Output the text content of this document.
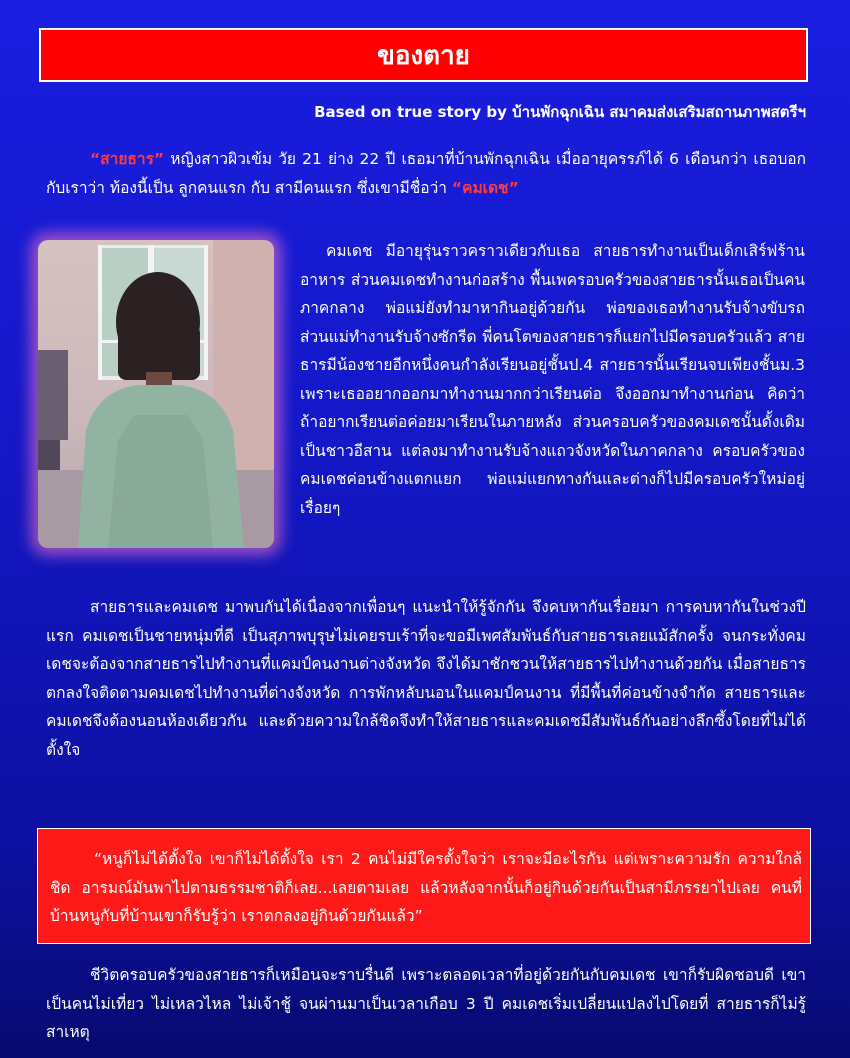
ของตาย
Based on true story by บ้านพักฉุกเฉิน สมาคมส่งเสริมสถานภาพสตรีฯ

“สายธาร” หญิงสาวผิวเข้ม วัย 21 ย่าง 22 ปี เธอมาที่บ้านพักฉุกเฉิน เมื่ออายุครรภ์ได้ 6 เดือนกว่า เธอบอกกับเราว่า ท้องนี้เป็น ลูกคนแรก กับ สามีคนแรก ซึ่งเขามีชื่อว่า “คมเดช”

คมเดช มีอายุรุ่นราวคราวเดียวกับเธอ สายธารทำงานเป็นเด็กเสิร์ฟร้านอาหาร ส่วนคมเดชทำงานก่อสร้าง พื้นเพครอบครัวของสายธารนั้นเธอเป็นคนภาคกลาง พ่อแม่ยังทำมาหากินอยู่ด้วยกัน พ่อของเธอทำงานรับจ้างขับรถ ส่วนแม่ทำงานรับจ้างซักรีด พี่คนโตของสายธารก็แยกไปมีครอบครัวแล้ว สายธารมีน้องชายอีกหนึ่งคนกำลังเรียนอยู่ชั้นป.4 สายธารนั้นเรียนจบเพียงชั้นม.3 เพราะเธออยากออกมาทำงานมากกว่าเรียนต่อ จึงออกมาทำงานก่อน คิดว่าถ้าอยากเรียนต่อค่อยมาเรียนในภายหลัง ส่วนครอบครัวของคมเดชนั้นดั้งเดิมเป็นชาวอีสาน แต่ลงมาทำงานรับจ้างแถวจังหวัดในภาคกลาง ครอบครัวของคมเดชค่อนข้างแตกแยก พ่อแม่แยกทางกันและต่างก็ไปมีครอบครัวใหม่อยู่เรื่อยๆ

สายธารและคมเดช มาพบกันได้เนื่องจากเพื่อนๆ แนะนำให้รู้จักกัน จึงคบหากันเรื่อยมา การคบหากันในช่วงปีแรก คมเดชเป็นชายหนุ่มที่ดี เป็นสุภาพบุรุษไม่เคยรบเร้าที่จะขอมีเพศสัมพันธ์กับสายธารเลยแม้สักครั้ง จนกระทั่งคมเดชจะต้องจากสายธารไปทำงานที่แคมป์คนงานต่างจังหวัด จึงได้มาชักชวนให้สายธารไปทำงานด้วยกัน เมื่อสายธารตกลงใจติดตามคมเดชไปทำงานที่ต่างจังหวัด การพักหลับนอนในแคมป์คนงาน ที่มีพื้นที่ค่อนข้างจำกัด สายธารและคมเดชจึงต้องนอนห้องเดียวกัน และด้วยความใกล้ชิดจึงทำให้สายธารและคมเดชมีสัมพันธ์กันอย่างลึกซึ้งโดยที่ไม่ได้ตั้งใจ

“หนูก็ไม่ได้ตั้งใจ เขาก็ไม่ได้ตั้งใจ เรา 2 คนไม่มีใครตั้งใจว่า เราจะมีอะไรกัน แต่เพราะความรัก ความใกล้ชิด อารมณ์มันพาไปตามธรรมชาติก็เลย...เลยตามเลย แล้วหลังจากนั้นก็อยู่กินด้วยกันเป็นสามีภรรยาไปเลย คนที่บ้านหนูกับที่บ้านเขาก็รับรู้ว่า เราตกลงอยู่กินด้วยกันแล้ว”

ชีวิตครอบครัวของสายธารก็เหมือนจะราบรื่นดี เพราะตลอดเวลาที่อยู่ด้วยกันกับคมเดช เขาก็รับผิดชอบดี เขาเป็นคนไม่เที่ยว ไม่เหลวไหล ไม่เจ้าชู้ จนผ่านมาเป็นเวลาเกือบ 3 ปี คมเดชเริ่มเปลี่ยนแปลงไปโดยที่ สายธารก็ไม่รู้สาเหตุ
